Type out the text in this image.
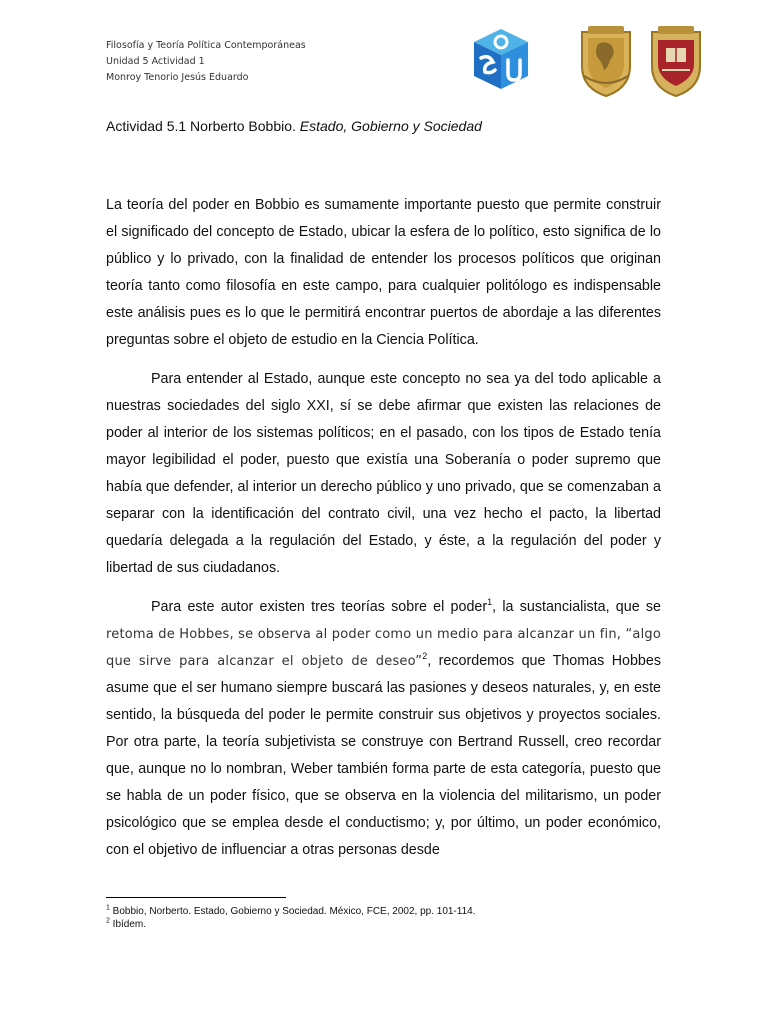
Filosofía y Teoría Política Contemporáneas
Unidad 5 Actividad 1
Monroy Tenorio Jesús Eduardo
Actividad 5.1 Norberto Bobbio. Estado, Gobierno y Sociedad

La teoría del poder en Bobbio es sumamente importante puesto que permite construir el significado del concepto de Estado, ubicar la esfera de lo político, esto significa de lo público y lo privado, con la finalidad de entender los procesos políticos que originan teoría tanto como filosofía en este campo, para cualquier politólogo es indispensable este análisis pues es lo que le permitirá encontrar puertos de abordaje a las diferentes preguntas sobre el objeto de estudio en la Ciencia Política.

Para entender al Estado, aunque este concepto no sea ya del todo aplicable a nuestras sociedades del siglo XXI, sí se debe afirmar que existen las relaciones de poder al interior de los sistemas políticos; en el pasado, con los tipos de Estado tenía mayor legibilidad el poder, puesto que existía una Soberanía o poder supremo que había que defender, al interior un derecho público y uno privado, que se comenzaban a separar con la identificación del contrato civil, una vez hecho el pacto, la libertad quedaría delegada a la regulación del Estado, y éste, a la regulación del poder y libertad de sus ciudadanos.

Para este autor existen tres teorías sobre el poder$^1$, la sustancialista, que se retoma de Hobbes, se observa al poder como un medio para alcanzar un fin, “algo que sirve para alcanzar el objeto de deseo”$^2$, recordemos que Thomas Hobbes asume que el ser humano siempre buscará las pasiones y deseos naturales, y, en este sentido, la búsqueda del poder le permite construir sus objetivos y proyectos sociales. Por otra parte, la teoría subjetivista se construye con Bertrand Russell, creo recordar que, aunque no lo nombran, Weber también forma parte de esta categoría, puesto que se habla de un poder físico, que se observa en la violencia del militarismo, un poder psicológico que se emplea desde el conductismo; y, por último, un poder económico, con el objetivo de influenciar a otras personas desde

$^1$ Bobbio, Norberto. Estado, Gobierno y Sociedad. México, FCE, 2002, pp. 101-114.
$^2$ Ibídem.
